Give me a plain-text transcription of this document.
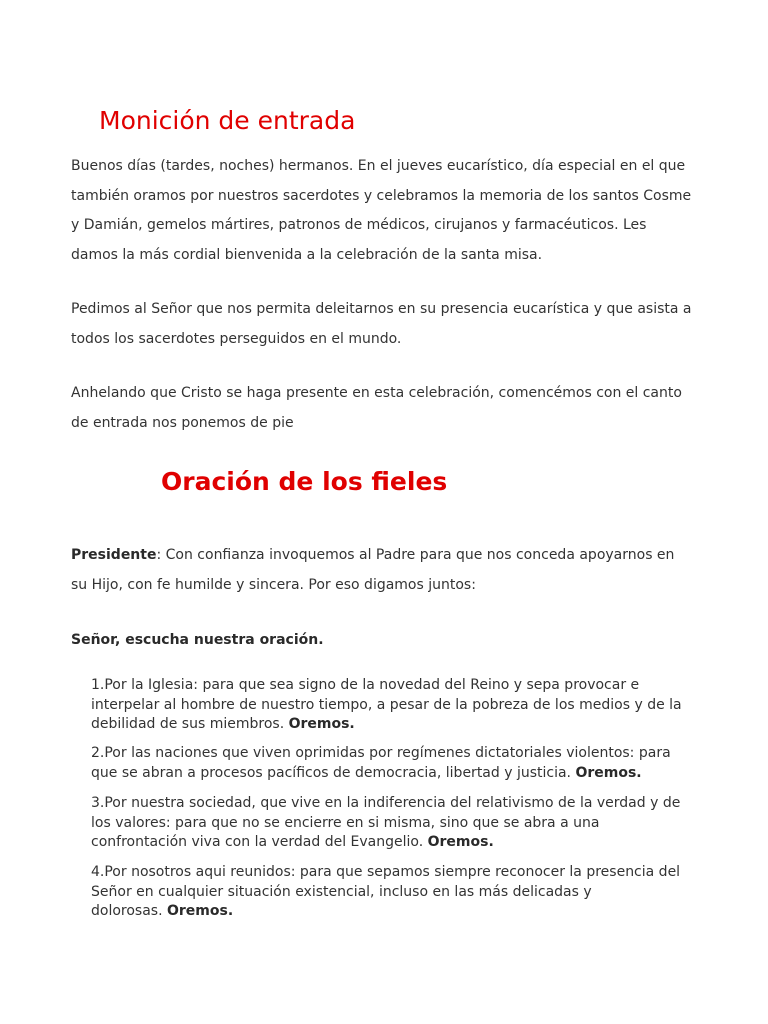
Monición de entrada
Buenos días (tardes, noches) hermanos. En el jueves eucarístico, día especial en el que
también oramos por nuestros sacerdotes y celebramos la memoria de los santos Cosme
y Damián, gemelos mártires, patronos de médicos, cirujanos y farmacéuticos. Les
damos la más cordial bienvenida a la celebración de la santa misa.
Pedimos al Señor que nos permita deleitarnos en su presencia eucarística y que asista a
todos los sacerdotes perseguidos en el mundo.
Anhelando que Cristo se haga presente en esta celebración, comencémos con el canto
de entrada nos ponemos de pie
Oración de los fieles
Presidente: Con confianza invoquemos al Padre para que nos conceda apoyarnos en
su Hijo, con fe humilde y sincera. Por eso digamos juntos:
Señor, escucha nuestra oración.
1.Por la Iglesia: para que sea signo de la novedad del Reino y sepa provocar e
interpelar al hombre de nuestro tiempo, a pesar de la pobreza de los medios y de la
debilidad de sus miembros. Oremos.
2.Por las naciones que viven oprimidas por regímenes dictatoriales violentos: para
que se abran a procesos pacíficos de democracia, libertad y justicia. Oremos.
3.Por nuestra sociedad, que vive en la indiferencia del relativismo de la verdad y de
los valores: para que no se encierre en si misma, sino que se abra a una
confrontación viva con la verdad del Evangelio. Oremos.
4.Por nosotros aqui reunidos: para que sepamos siempre reconocer la presencia del
Señor en cualquier situación existencial, incluso en las más delicadas y
dolorosas. Oremos.
